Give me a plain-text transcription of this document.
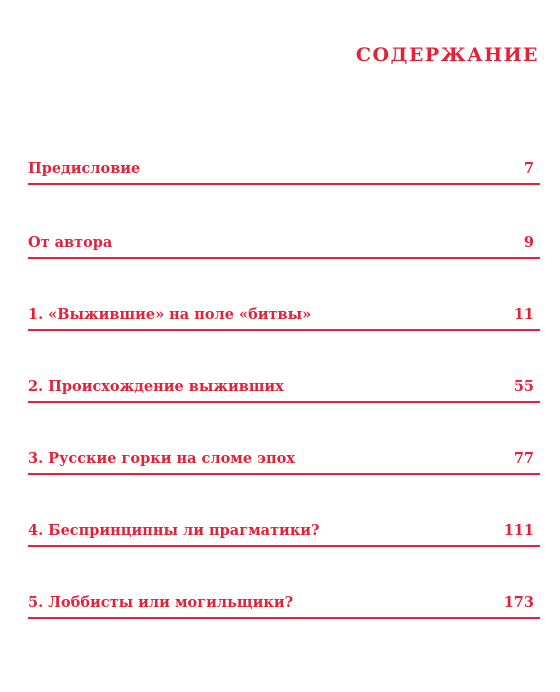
СОДЕРЖАНИЕ
Предисловие	7
От автора	9
1. «Выжившие» на поле «битвы»	11
2. Происхождение выживших	55
3. Русские горки на сломе эпох	77
4. Беспринципны ли прагматики?	111
5. Лоббисты или могильщики?	173
